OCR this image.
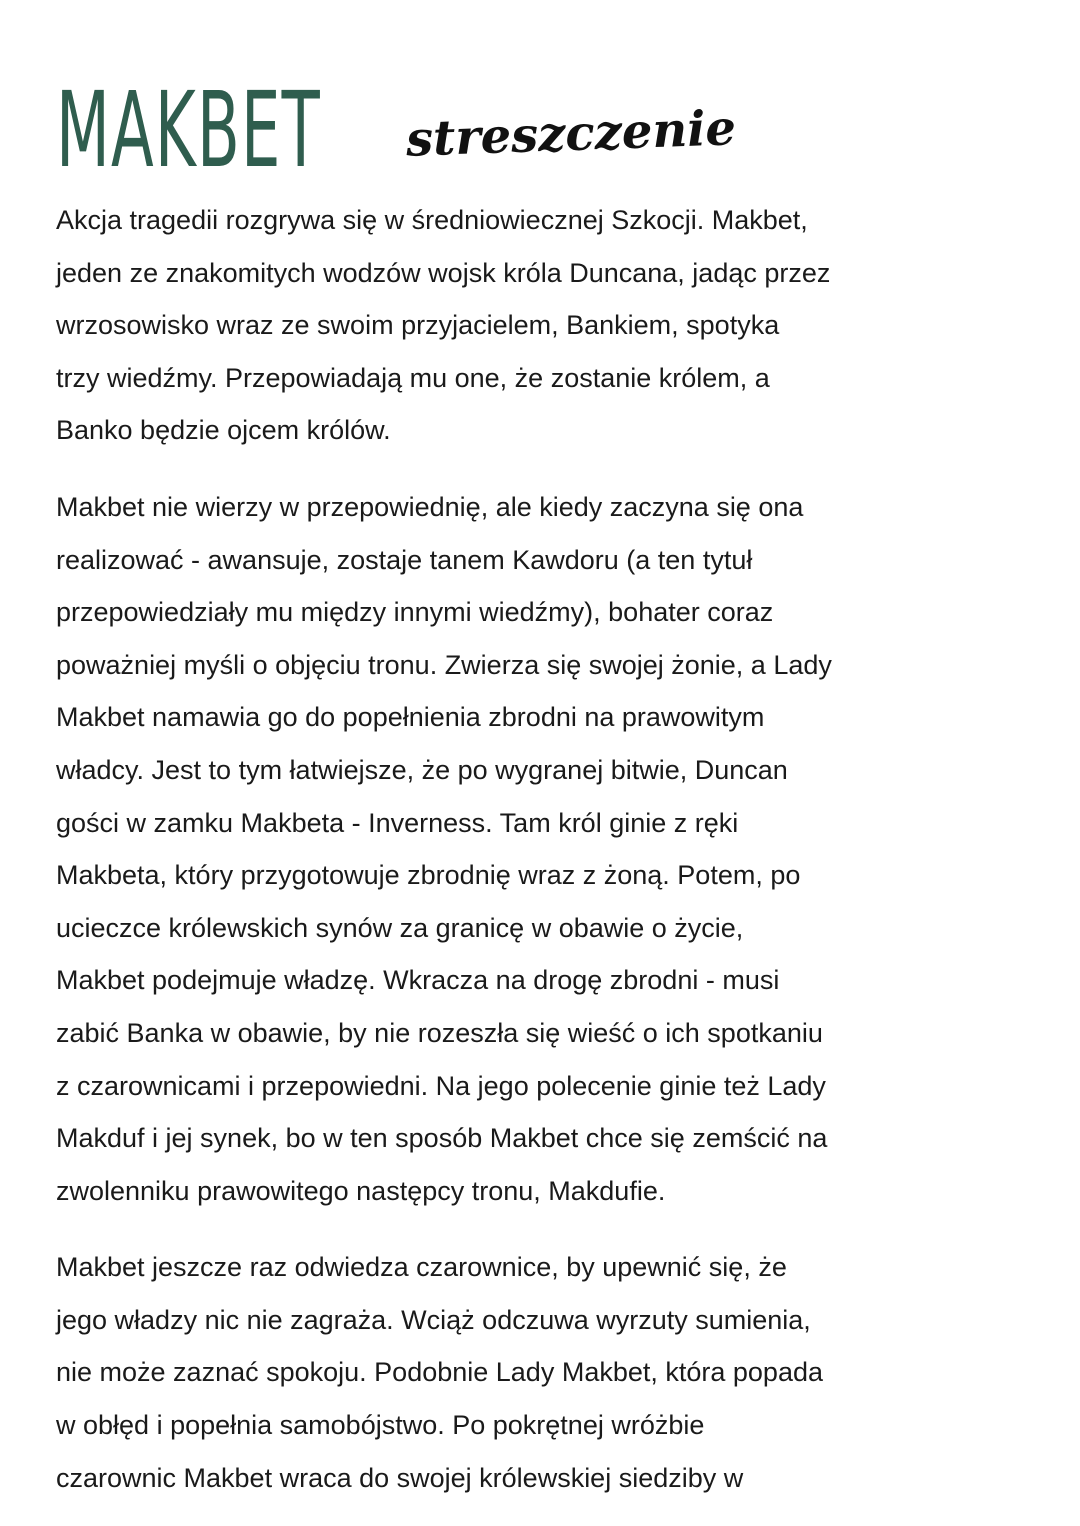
MAKBET streszczenie
Akcja tragedii rozgrywa się w średniowiecznej Szkocji. Makbet,
jeden ze znakomitych wodzów wojsk króla Duncana, jadąc przez
wrzosowisko wraz ze swoim przyjacielem, Bankiem, spotyka
trzy wiedźmy. Przepowiadają mu one, że zostanie królem, a
Banko będzie ojcem królów.
Makbet nie wierzy w przepowiednię, ale kiedy zaczyna się ona
realizować - awansuje, zostaje tanem Kawdoru (a ten tytuł
przepowiedziały mu między innymi wiedźmy), bohater coraz
poważniej myśli o objęciu tronu. Zwierza się swojej żonie, a Lady
Makbet namawia go do popełnienia zbrodni na prawowitym
władcy. Jest to tym łatwiejsze, że po wygranej bitwie, Duncan
gości w zamku Makbeta - Inverness. Tam król ginie z ręki
Makbeta, który przygotowuje zbrodnię wraz z żoną. Potem, po
ucieczce królewskich synów za granicę w obawie o życie,
Makbet podejmuje władzę. Wkracza na drogę zbrodni - musi
zabić Banka w obawie, by nie rozeszła się wieść o ich spotkaniu
z czarownicami i przepowiedni. Na jego polecenie ginie też Lady
Makduf i jej synek, bo w ten sposób Makbet chce się zemścić na
zwolenniku prawowitego następcy tronu, Makdufie.
Makbet jeszcze raz odwiedza czarownice, by upewnić się, że
jego władzy nic nie zagraża. Wciąż odczuwa wyrzuty sumienia,
nie może zaznać spokoju. Podobnie Lady Makbet, która popada
w obłęd i popełnia samobójstwo. Po pokrętnej wróżbie
czarownic Makbet wraca do swojej królewskiej siedziby w
